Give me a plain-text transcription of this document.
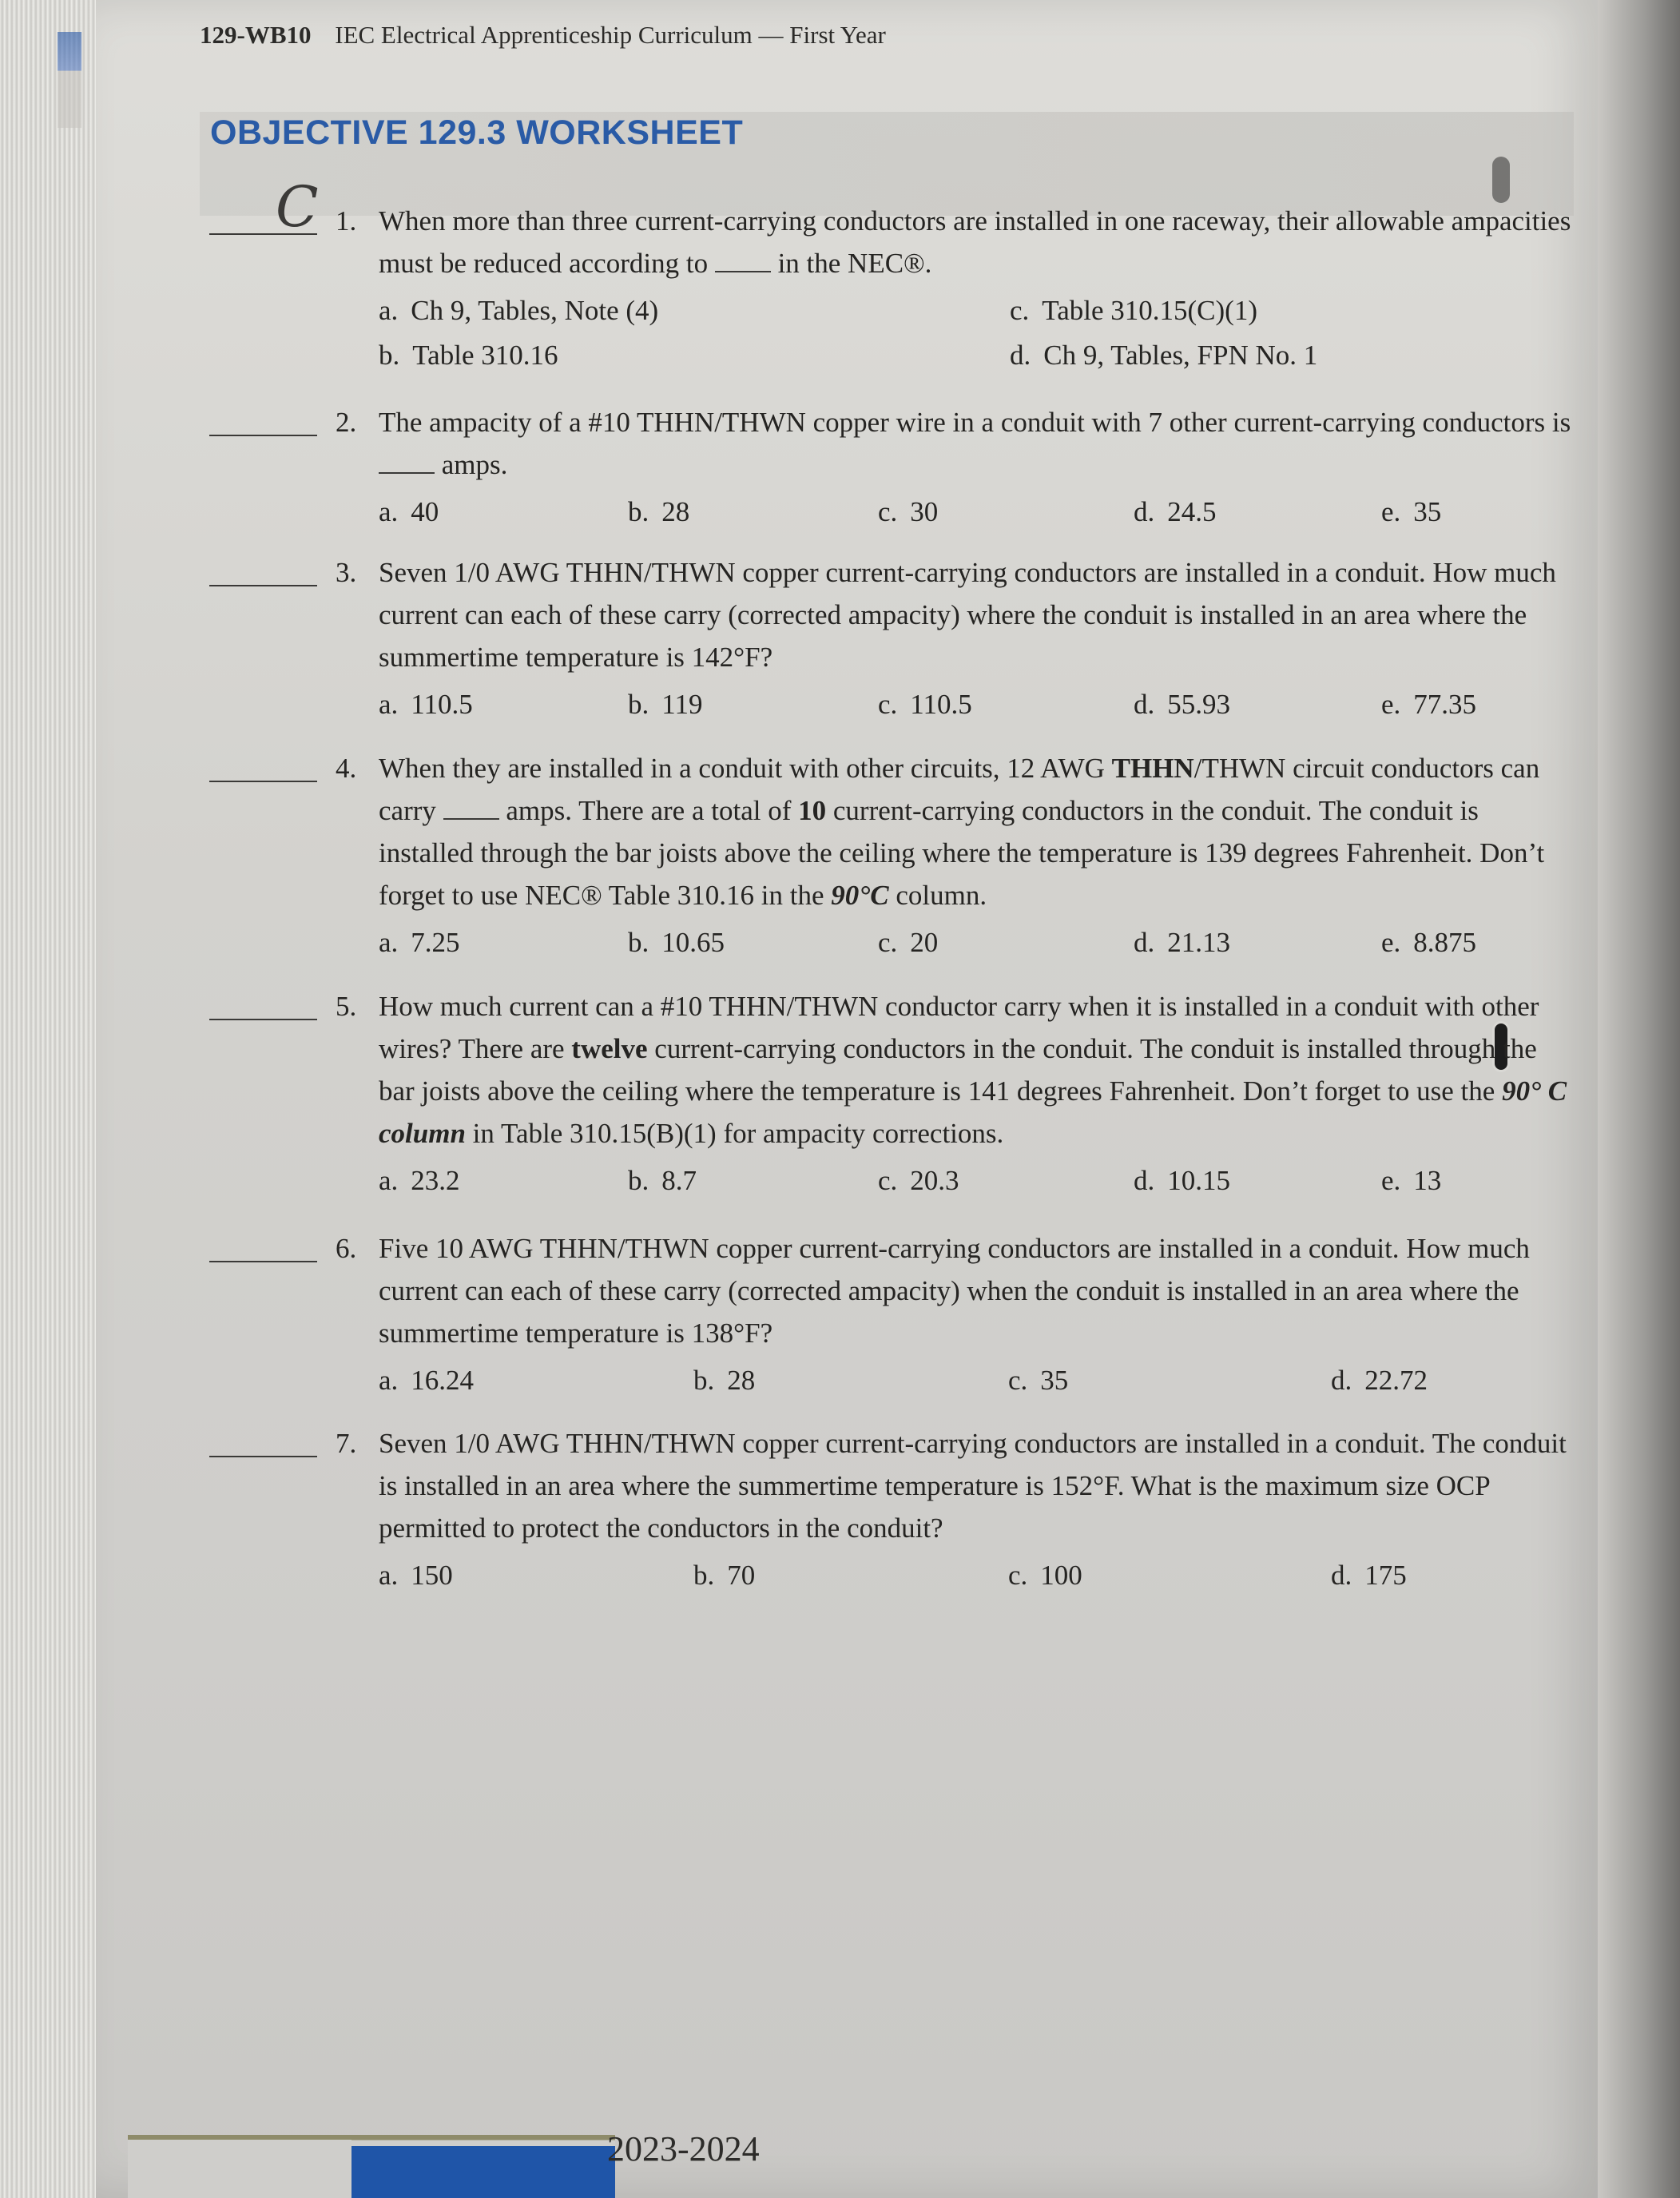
129-WB10 IEC Electrical Apprenticeship Curriculum — First Year
OBJECTIVE 129.3 WORKSHEET
C 1. When more than three current-carrying conductors are installed in one raceway, their allowable ampacities must be reduced according to	in the NEC®.
a. Ch 9, Tables, Note (4)
b. Table 310.16
c. Table 310.15(C)(1)
d. Ch 9, Tables, FPN No. 1
2. The ampacity of a #10 THHN/THWN copper wire in a conduit with 7 other current-carrying conductors is  amps.
a. 40	b. 28	c. 30	d. 24.5	e. 35
3. Seven 1/0 AWG THHN/THWN copper current-carrying conductors are installed in a conduit. How much current can each of these carry (corrected ampacity) where the conduit is installed in an area where the summertime temperature is 142°F?
a. 110.5	b. 119	c. 110.5	d. 55.93	e. 77.35
4. When they are installed in a conduit with other circuits, 12 AWG THHN/THWN circuit conductors can carry	amps. There are a total of 10 current-carrying conductors in the conduit. The conduit is installed through the bar joists above the ceiling where the temperature is 139 degrees Fahrenheit. Don’t forget to use NEC® Table 310.16 in the 90°C column.
a. 7.25	b. 10.65	c. 20	d. 21.13	e. 8.875
5. How much current can a #10 THHN/THWN conductor carry when it is installed in a conduit with other wires? There are twelve current-carrying conductors in the conduit. The conduit is installed through the bar joists above the ceiling where the temperature is 141 degrees Fahrenheit. Don’t forget to use the 90° C column in Table 310.15(B)(1) for ampacity corrections.
a. 23.2	b. 8.7	c. 20.3	d. 10.15	e. 13
6. Five 10 AWG THHN/THWN copper current-carrying conductors are installed in a conduit. How much current can each of these carry (corrected ampacity) when the conduit is installed in an area where the summertime temperature is 138°F?
a. 16.24	b. 28	c. 35	d. 22.72
7. Seven 1/0 AWG THHN/THWN copper current-carrying conductors are installed in a conduit. The conduit is installed in an area where the summertime temperature is 152°F. What is the maximum size OCP permitted to protect the conductors in the conduit?
a. 150	b. 70	c. 100	d. 175
2023-2024
